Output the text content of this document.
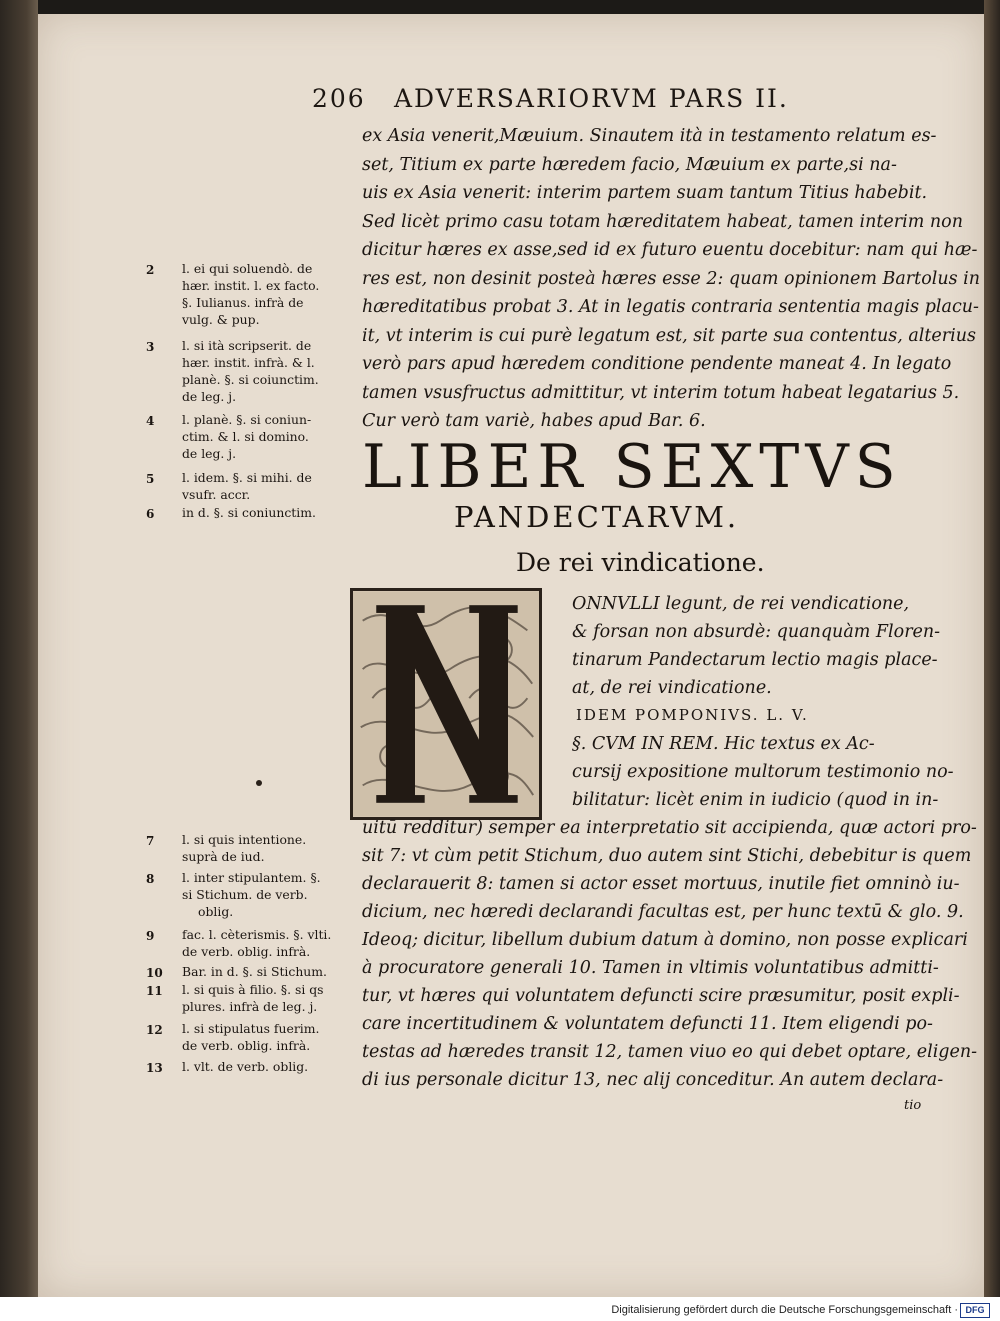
206 ADVERSARIORVM PARS II.
ex Asia venerit,Mæuium. Sinautem ità in testamento relatum es-
set, Titium ex parte hæredem facio, Mæuium ex parte,si na-
uis ex Asia venerit: interim partem suam tantum Titius habebit.
Sed licèt primo casu totam hæreditatem habeat, tamen interim non
dicitur hæres ex asse,sed id ex futuro euentu docebitur: nam qui hæ-
res est, non desinit posteà hæres esse 2: quam opinionem Bartolus in
hæreditatibus probat 3. At in legatis contraria sententia magis placu-
it, vt interim is cui purè legatum est, sit parte sua contentus, alterius
verò pars apud hæredem conditione pendente maneat 4. In legato
tamen vsusfructus admittitur, vt interim totum habeat legatarius 5.
Cur verò tam variè, habes apud Bar. 6.
2	l. ei qui soluendò. de
hær. instit. l. ex facto.
§. Iulianus. infrà de
vulg. & pup.
3	l. si ità scripserit. de
hær. instit. infrà. & l.
planè. §. si coiunctim.
de leg. j.
4	l. planè. §. si coniun-
ctim. & l. si domino.
de leg. j.
5	l. idem. §. si mihi. de
vsufr. accr.
6	in d. §. si coniunctim.
LIBER SEXTVS
PANDECTARVM.
De rei vindicatione.
ONNVLLI legunt, de rei vendicatione,
& forsan non absurdè: quanquàm Floren-
tinarum Pandectarum lectio magis place-
at, de rei vindicatione.
IDEM POMPONIVS. L. V.
§. CVM IN REM. Hic textus ex Ac-
cursij expositione multorum testimonio no-
bilitatur: licèt enim in iudicio (quod in in-
uitū redditur) semper ea interpretatio sit accipienda, quæ actori pro-
sit 7: vt cùm petit Stichum, duo autem sint Stichi, debebitur is quem
declarauerit 8: tamen si actor esset mortuus, inutile fiet omninò iu-
dicium, nec hæredi declarandi facultas est, per hunc textū & glo. 9.
Ideoq; dicitur, libellum dubium datum à domino, non posse explicari
à procuratore generali 10. Tamen in vltimis voluntatibus admitti-
tur, vt hæres qui voluntatem defuncti scire præsumitur, posit expli-
care incertitudinem & voluntatem defuncti 11. Item eligendi po-
testas ad hæredes transit 12, tamen viuo eo qui debet optare, eligen-
di ius personale dicitur 13, nec alij conceditur. An autem declara-
tio
7	l. si quis intentione.
suprà de iud.
8	l. inter stipulantem. §.
si Stichum. de verb.
oblig.
9	fac. l. cèterismis. §. vlti.
de verb. oblig. infrà.
10 Bar. in d. §. si Stichum.
11 l. si quis à filio. §. si qs
plures. infrà de leg. j.
12 l. si stipulatus fuerim.
de verb. oblig. infrà.
13 l. vlt. de verb. oblig.
Digitalisierung gefördert durch die Deutsche Forschungsgemeinschaft · DFG
